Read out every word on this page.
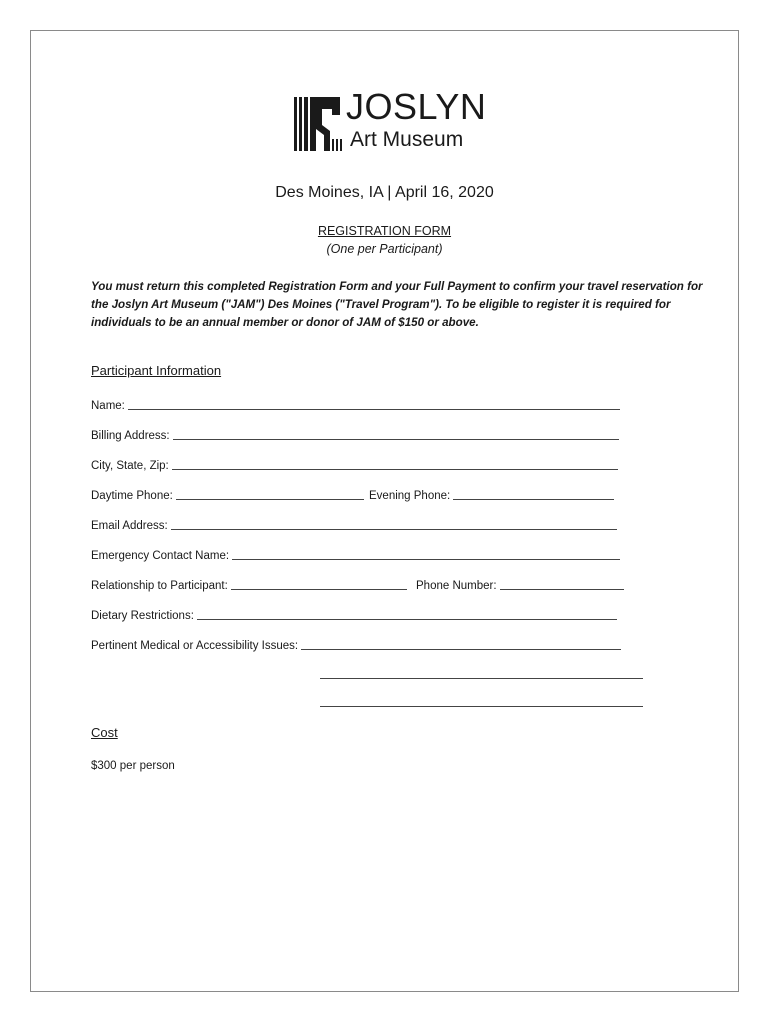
JOSLYN
Art Museum
Des Moines, IA | April 16, 2020
REGISTRATION FORM
(One per Participant)
You must return this completed Registration Form and your Full Payment to confirm your travel reservation for
the Joslyn Art Museum ("JAM") Des Moines ("Travel Program"). To be eligible to register it is required for
individuals to be an annual member or donor of JAM of $150 or above.
Participant Information
Name:
Billing Address:
City, State, Zip:
Daytime Phone:	Evening Phone:
Email Address:
Emergency Contact Name:
Relationship to Participant:	Phone Number:
Dietary Restrictions:
Pertinent Medical or Accessibility Issues:
Cost
$300 per person
